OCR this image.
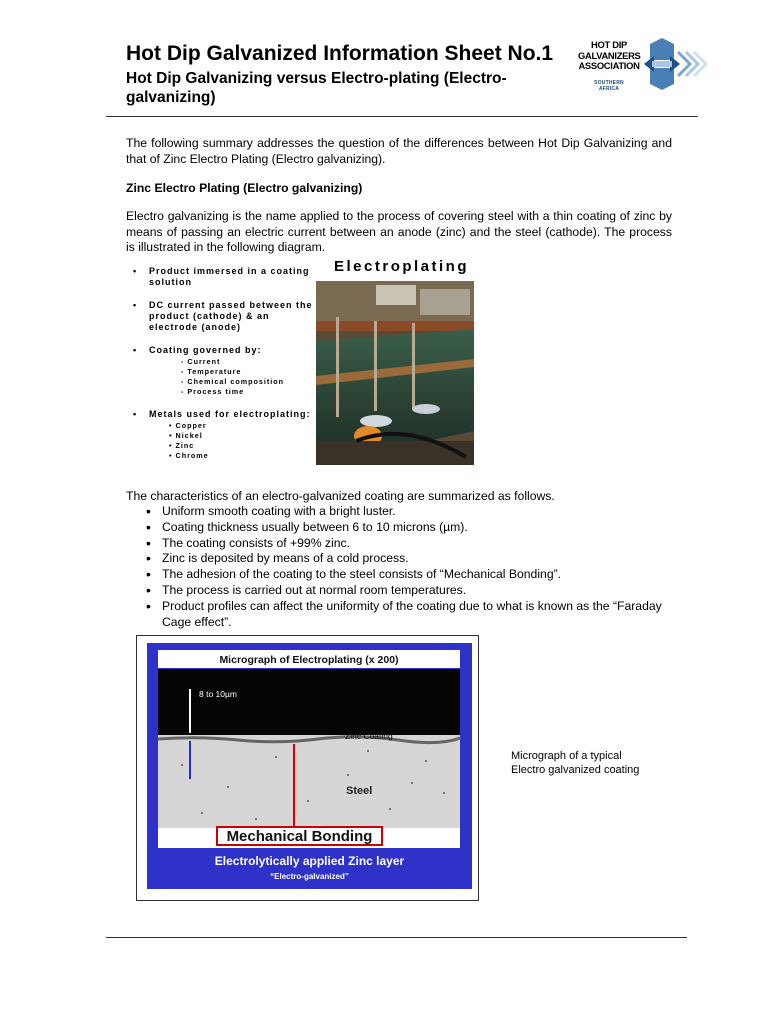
Hot Dip Galvanized Information Sheet No.1
Hot Dip Galvanizing versus Electro-plating (Electro-galvanizing)
HOT DIP GALVANIZERS ASSOCIATION
SOUTHERN AFRICA
The following summary addresses the question of the differences between Hot Dip Galvanizing and that of Zinc Electro Plating (Electro galvanizing).
Zinc Electro Plating (Electro galvanizing)
Electro galvanizing is the name applied to the process of covering steel with a thin coating of zinc by means of passing an electric current between an anode (zinc) and the steel (cathode). The process is illustrated in the following diagram.
• Product immersed in a coating solution
• DC current passed between the product (cathode) & an electrode (anode)
• Coating governed by:
- Current
- Temperature
- Chemical composition
- Process time
• Metals used for electroplating:
• Copper
• Nickel
• Zinc
• Chrome
Electroplating
The characteristics of an electro-galvanized coating are summarized as follows.
• Uniform smooth coating with a bright luster.
• Coating thickness usually between 6 to 10 microns (µm).
• The coating consists of +99% zinc.
• Zinc is deposited by means of a cold process.
• The adhesion of the coating to the steel consists of “Mechanical Bonding”.
• The process is carried out at normal room temperatures.
• Product profiles can affect the uniformity of the coating due to what is known as the “Faraday Cage effect”.
Micrograph of Electroplating (x 200)
8 to 10µm
Zinc Coating
Steel
Mechanical Bonding
Electrolytically applied Zinc layer
“Electro-galvanized”
Micrograph of a typical Electro galvanized coating
